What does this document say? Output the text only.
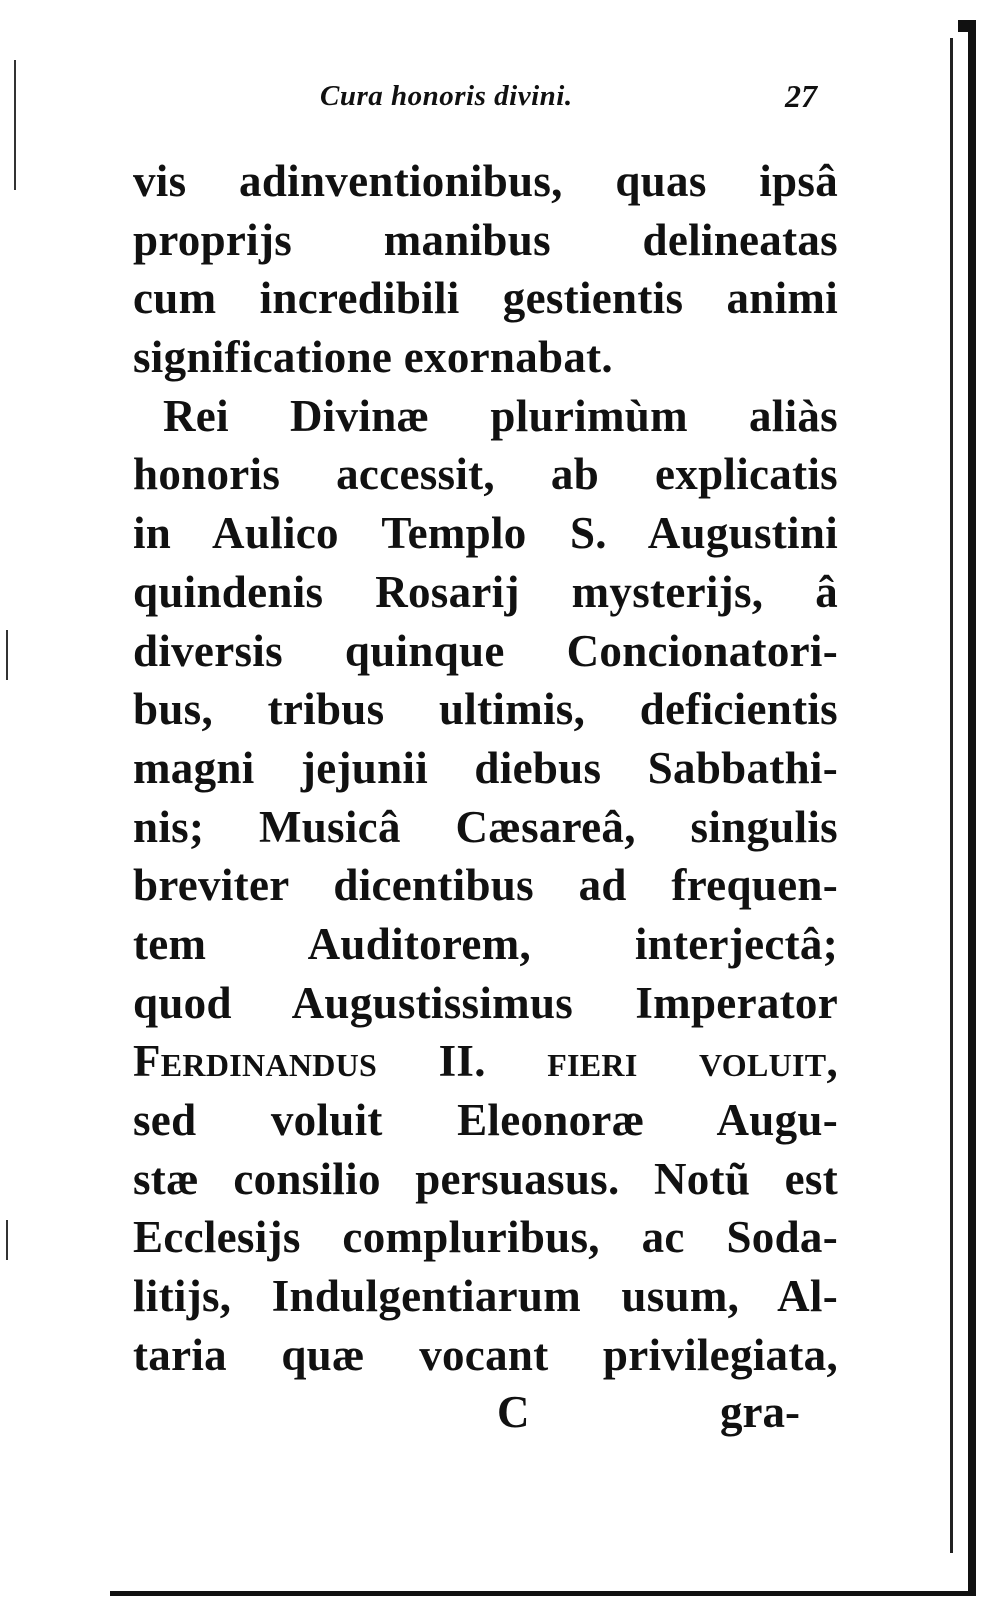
Cura honoris divini.	27
vis adinventionibus, quas ipsâ
proprijs manibus delineatas
cum incredibili gestientis animi
significatione exornabat.
Rei Divinæ plurimùm aliàs
honoris accessit, ab explicatis
in Aulico Templo S. Augustini
quindenis Rosarij mysterijs, â
diversis quinque Concionatori-
bus, tribus ultimis, deficientis
magni jejunii diebus Sabbathi-
nis; Musicâ Cæsareâ, singulis
breviter dicentibus ad frequen-
tem Auditorem, interjectâ;
quod Augustissimus Imperator
Ferdinandus II. fieri voluit,
sed voluit Eleonoræ Augu-
stæ consilio persuasus. Notũ est
Ecclesijs compluribus, ac Soda-
litijs, Indulgentiarum usum, Al-
taria quæ vocant privilegiata,
C	gra-
